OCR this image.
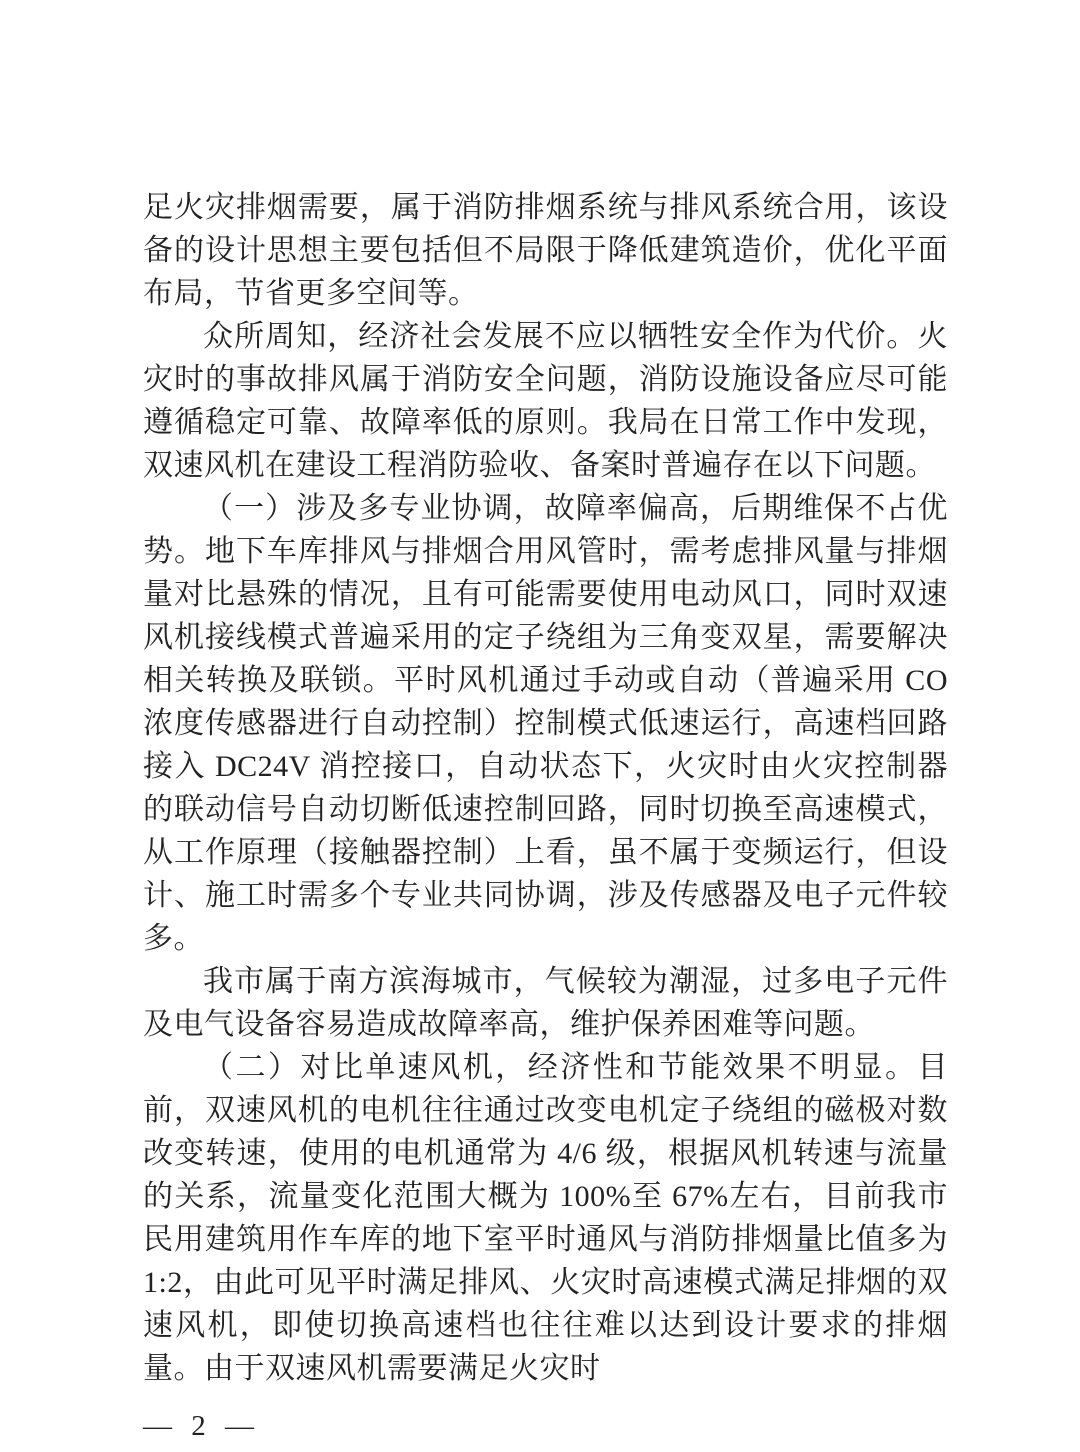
足火灾排烟需要，属于消防排烟系统与排风系统合用，该设备的设计思想主要包括但不局限于降低建筑造价，优化平面布局，节省更多空间等。

众所周知，经济社会发展不应以牺牲安全作为代价。火灾时的事故排风属于消防安全问题，消防设施设备应尽可能遵循稳定可靠、故障率低的原则。我局在日常工作中发现，双速风机在建设工程消防验收、备案时普遍存在以下问题。

（一）涉及多专业协调，故障率偏高，后期维保不占优势。地下车库排风与排烟合用风管时，需考虑排风量与排烟量对比悬殊的情况，且有可能需要使用电动风口，同时双速风机接线模式普遍采用的定子绕组为三角变双星，需要解决相关转换及联锁。平时风机通过手动或自动（普遍采用 CO 浓度传感器进行自动控制）控制模式低速运行，高速档回路接入 DC24V 消控接口，自动状态下，火灾时由火灾控制器的联动信号自动切断低速控制回路，同时切换至高速模式，从工作原理（接触器控制）上看，虽不属于变频运行，但设计、施工时需多个专业共同协调，涉及传感器及电子元件较多。

我市属于南方滨海城市，气候较为潮湿，过多电子元件及电气设备容易造成故障率高，维护保养困难等问题。

（二）对比单速风机，经济性和节能效果不明显。目前，双速风机的电机往往通过改变电机定子绕组的磁极对数改变转速，使用的电机通常为 4/6 级，根据风机转速与流量的关系，流量变化范围大概为 100%至 67%左右，目前我市民用建筑用作车库的地下室平时通风与消防排烟量比值多为 1:2，由此可见平时满足排风、火灾时高速模式满足排烟的双速风机，即使切换高速档也往往难以达到设计要求的排烟量。由于双速风机需要满足火灾时

— 2 —
